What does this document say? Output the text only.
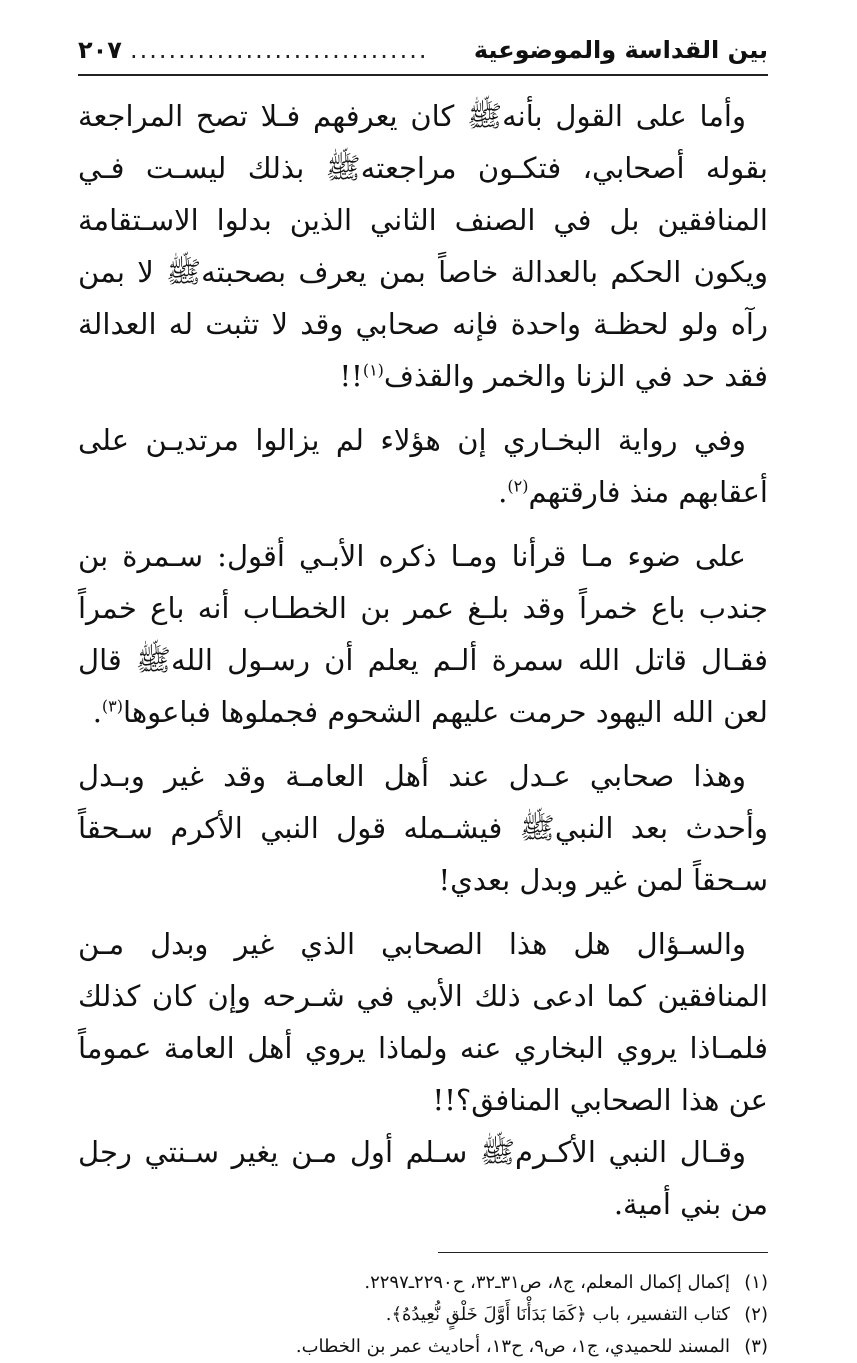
بين القداسة والموضوعية
...............................
٢٠٧

وأما على القول بأنهﷺ كان يعرفهم فـلا تصح المراجعة بقوله أصحابي، فتكـون مراجعتهﷺ بذلك ليسـت فـي المنافقين بل في الصنف الثاني الذين بدلوا الاسـتقامة ويكون الحكم بالعدالة خاصاً بمن يعرف بصحبتهﷺ لا بمن رآه ولو لحظـة واحدة فإنه صحابي وقد لا تثبت له العدالة فقد حد في الزنا والخمر والقذف$^{(١)}$!!

وفي رواية البخـاري إن هؤلاء لم يزالوا مرتديـن على أعقابهم منذ فارقتهم$^{(٢)}$.

على ضوء مـا قرأنا ومـا ذكره الأبـي أقول: سـمرة بن جندب باع خمراً وقد بلـغ عمر بن الخطـاب أنه باع خمراً فقـال قاتل الله سمرة ألـم يعلم أن رسـول اللهﷺ قال لعن الله اليهود حرمت عليهم الشحوم فجملوها فباعوها$^{(٣)}$.

وهذا صحابي عـدل عند أهل العامـة وقد غير وبـدل وأحدث بعد النبيﷺ فيشـمله قول النبي الأكرم سـحقاً سـحقاً لمن غير وبدل بعدي!

والسـؤال هل هذا الصحابي الذي غير وبدل مـن المنافقين كما ادعى ذلك الأبي في شـرحه وإن كان كذلك فلمـاذا يروي البخاري عنه ولماذا يروي أهل العامة عموماً عن هذا الصحابي المنافق؟!!

وقـال النبي الأكـرمﷺ سـلم أول مـن يغير سـنتي رجل من بني أمية.

(١)
إكمال إكمال المعلم، ج٨، ص٣١ـ٣٢، ح٢٢٩٠ـ٢٢٩٧.
(٢)
كتاب التفسير، باب ﴿كَمَا بَدَأْنَا أَوَّلَ خَلْقٍ نُّعِيدُهُ﴾.
(٣)
المسند للحميدي، ج١، ص٩، ح١٣، أحاديث عمر بن الخطاب.
